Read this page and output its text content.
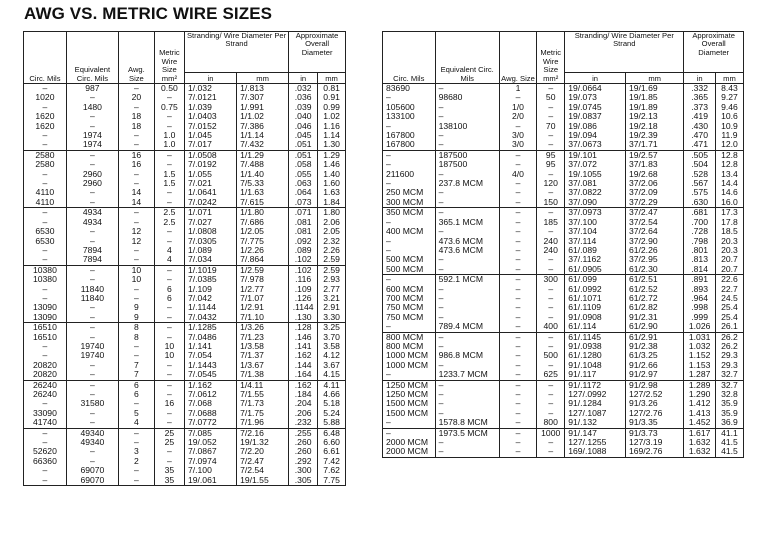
AWG VS. METRIC WIRE SIZES
Circ. Mils	Equivalent Circ. Mils	Awg. Size	Metric Wire Size mm²	Stranding/ Wire Diameter Per Strand		Approximate Overall Diameter	
				in	mm	in	mm
–	987	–	0.50	1/.032	1/.813	.032	0.81
1020	–	20	–	7/.0121	7/.307	.036	0.91
–	1480	–	0.75	1/.039	1/.991	.039	0.99
1620	–	18	–	1/.0403	1/1.02	.040	1.02
1620	–	18	–	7/.0152	7/.386	.046	1.16
–	1974	–	1.0	1/.045	1/1.14	.045	1.14
–	1974	–	1.0	7/.017	7/.432	.051	1.30
2580	–	16	–	1/.0508	1/1.29	.051	1.29
2580	–	16	–	7/.0192	7/.488	.058	1.46
–	2960	–	1.5	1/.055	1/1.40	.055	1.40
–	2960	–	1.5	7/.021	7/5.33	.063	1.60
4110	–	14	–	1/.0641	1/1.63	.064	1.63
4110	–	14	–	7/.0242	7/.615	.073	1.84
–	4934	–	2.5	1/.071	1/1.80	.071	1.80
–	4934	–	2.5	7/.027	7/.686	.081	2.06
6530	–	12	–	1/.0808	1/2.05	.081	2.05
6530	–	12	–	7/.0305	7/.775	.092	2.32
–	7894	–	4	1/.089	1/2.26	.089	2.26
–	7894	–	4	7/.034	7/.864	.102	2.59
10380	–	10	–	1/.1019	1/2.59	.102	2.59
10380	–	10	–	7/.0385	7/.978	.116	2.93
–	11840	–	6	1/.109	1/2.77	.109	2.77
–	11840	–	6	7/.042	7/1.07	.126	3.21
13090	–	9	–	1/.1144	1/2.91	.1144	2.91
13090	–	9	–	7/.0432	7/1.10	.130	3.30
16510	–	8	–	1/.1285	1/3.26	.128	3.25
16510	–	8	–	7/.0486	7/1.23	.146	3.70
–	19740	–	10	1/.141	1/3.58	.141	3.58
–	19740	–	10	7/.054	7/1.37	.162	4.12
20820	–	7	–	1/.1443	1/3.67	.144	3.67
20820	–	7	–	7/.0545	7/1.38	.164	4.15
26240	–	6	–	1/.162	1/4.11	.162	4.11
26240	–	6	–	7/.0612	7/1.55	.184	4.66
–	31580	–	16	7/.068	7/1.73	.204	5.18
33090	–	5	–	7/.0688	7/1.75	.206	5.24
41740	–	4	–	7/.0772	7/1.96	.232	5.88
–	49340	–	25	7/.085	7/2.16	.255	6.48
–	49340	–	25	19/.052	19/1.32	.260	6.60
52620	–	3	–	7/.0867	7/2.20	.260	6.61
66360	–	2	–	7/.0974	7/2.47	.292	7.42
–	69070	–	35	7/.100	7/2.54	.300	7.62
–	69070	–	35	19/.061	19/1.55	.305	7.75
Circ. Mils	Equivalent Circ. Mils	Awg. Size	Metric Wire Size mm²	Stranding/ Wire Diameter Per Strand		Approximate Overall Diameter	
				in	mm	in	mm
83690	–	1	–	19/.0664	19/1.69	.332	8.43
–	98680	–	50	19/.073	19/1.85	.365	9.27
105600	–	1/0	–	19/.0745	19/1.89	.373	9.46
133100	–	2/0	–	19/.0837	19/2.13	.419	10.6
–	138100	–	70	19/.086	19/2.18	.430	10.9
167800	–	3/0	–	19/.094	19/2.39	.470	11.9
167800	–	3/0	–	37/.0673	37/1.71	.471	12.0
–	187500	–	95	19/.101	19/2.57	.505	12.8
–	187500	–	95	37/.072	37/1.83	.504	12.8
211600	–	4/0	–	19/.1055	19/2.68	.528	13.4
–	237.8 MCM	–	120	37/.081	37/2.06	.567	14.4
250 MCM	–	–	–	37/.0822	37/2.09	.575	14.6
300 MCM	–	–	150	37/.090	37/2.29	.630	16.0
350 MCM	–	–	–	37/.0973	37/2.47	.681	17.3
–	365.1 MCM	–	185	37/.100	37/2.54	.700	17.8
400 MCM	–	–	–	37/.104	37/2.64	.728	18.5
–	473.6 MCM	–	240	37/.114	37/2.90	.798	20.3
–	473.6 MCM	–	240	61/.089	61/2.26	.801	20.3
500 MCM	–	–	–	37/.1162	37/2.95	.813	20.7
500 MCM	–	–	–	61/.0905	61/2.30	.814	20.7
–	592.1 MCM	–	300	61/.099	61/2.51	.891	22.6
600 MCM	–	–	–	61/.0992	61/2.52	.893	22.7
700 MCM	–	–	–	61/.1071	61/2.72	.964	24.5
750 MCM	–	–	–	61/.1109	61/2.82	.998	25.4
750 MCM	–	–	–	91/.0908	91/2.31	.999	25.4
–	789.4 MCM	–	400	61/.114	61/2.90	1.026	26.1
800 MCM	–	–	–	61/.1145	61/2.91	1.031	26.2
800 MCM	–	–	–	91/.0938	91/2.38	1.032	26.2
1000 MCM	986.8 MCM	–	500	61/.1280	61/3.25	1.152	29.3
1000 MCM	–	–	–	91/.1048	91/2.66	1.153	29.3
–	1233.7 MCM	–	625	91/.117	91/2.97	1.287	32.7
1250 MCM	–	–	–	91/.1172	91/2.98	1.289	32.7
1250 MCM	–	–	–	127/.0992	127/2.52	1.290	32.8
1500 MCM	–	–	–	91/.1284	91/3.26	1.412	35.9
1500 MCM	–	–	–	127/.1087	127/2.76	1.413	35.9
–	1578.8 MCM	–	800	91/.132	91/3.35	1.452	36.9
–	1973.5 MCM	–	1000	91/.147	91/3.73	1.617	41.1
2000 MCM	–	–	–	127/.1255	127/3.19	1.632	41.5
2000 MCM	–	–	–	169/.1088	169/2.76	1.632	41.5
